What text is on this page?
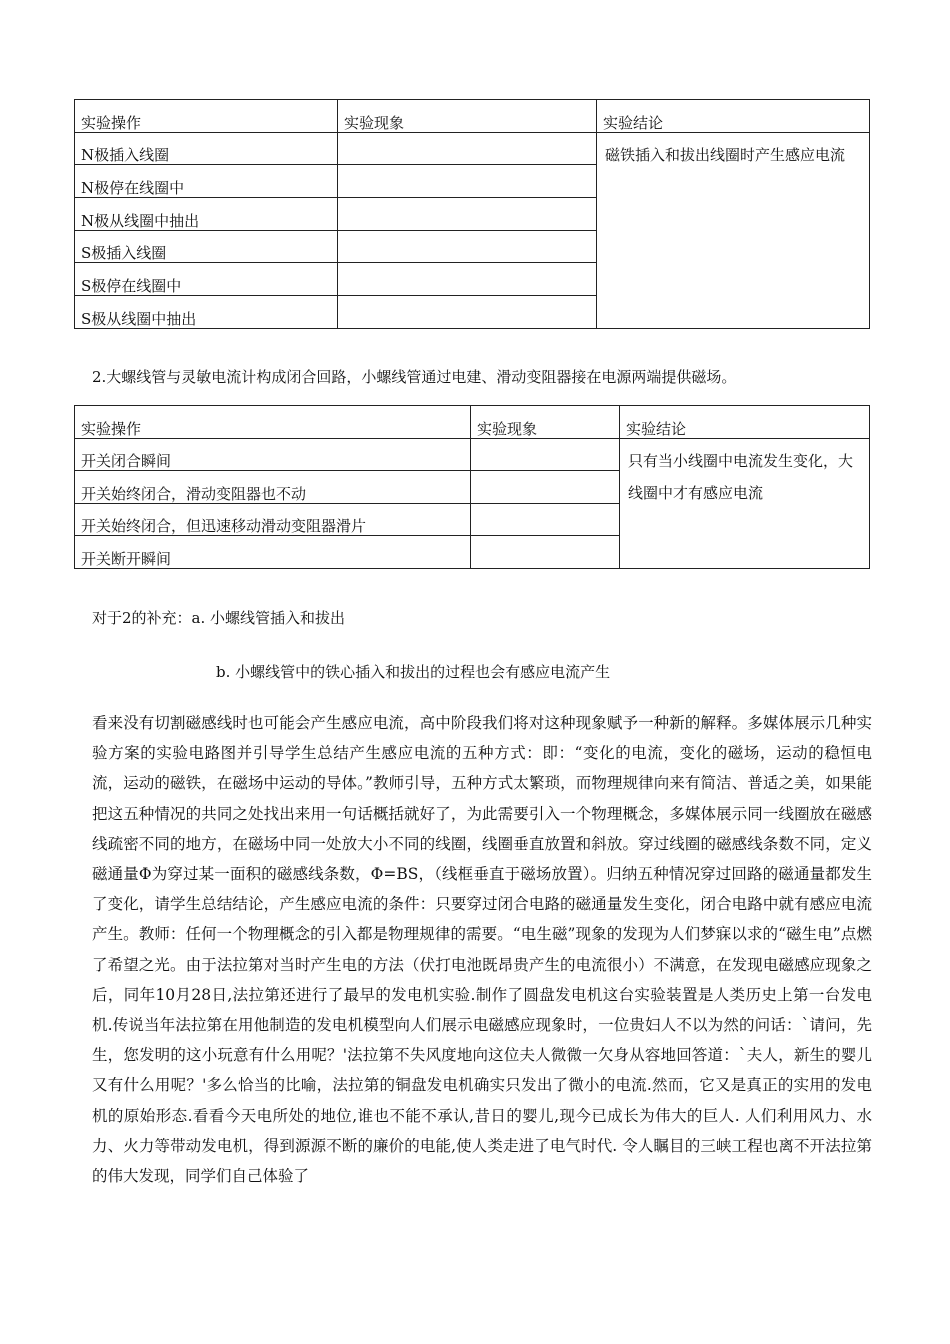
实验操作	实验现象	实验结论
N极插入线圈		磁铁插入和拔出线圈时产生感应电流
N极停在线圈中		
N极从线圈中抽出		
S极插入线圈		
S极停在线圈中		
S极从线圈中抽出		
2.大螺线管与灵敏电流计构成闭合回路，小螺线管通过电建、滑动变阻器接在电源两端提供磁场。
实验操作	实验现象	实验结论
开关闭合瞬间		只有当小线圈中电流发生变化，大线圈中才有感应电流
开关始终闭合，滑动变阻器也不动		
开关始终闭合，但迅速移动滑动变阻器滑片		
开关断开瞬间		
对于2的补充：a. 小螺线管插入和拔出
b. 小螺线管中的铁心插入和拔出的过程也会有感应电流产生

看来没有切割磁感线时也可能会产生感应电流，高中阶段我们将对这种现象赋予一种新的解释。多媒体展示几种实验方案的实验电路图并引导学生总结产生感应电流的五种方式：即：“变化的电流，变化的磁场，运动的稳恒电流，运动的磁铁，在磁场中运动的导体。”教师引导，五种方式太繁琐，而物理规律向来有简洁、普适之美，如果能把这五种情况的共同之处找出来用一句话概括就好了，为此需要引入一个物理概念，多媒体展示同一线圈放在磁感线疏密不同的地方，在磁场中同一处放大小不同的线圈，线圈垂直放置和斜放。穿过线圈的磁感线条数不同，定义磁通量Φ为穿过某一面积的磁感线条数，Φ=BS，（线框垂直于磁场放置）。归纳五种情况穿过回路的磁通量都发生了变化，请学生总结结论，产生感应电流的条件：只要穿过闭合电路的磁通量发生变化，闭合电路中就有感应电流产生。教师：任何一个物理概念的引入都是物理规律的需要。“电生磁”现象的发现为人们梦寐以求的“磁生电”点燃了希望之光。由于法拉第对当时产生电的方法（伏打电池既昂贵产生的电流很小）不满意，在发现电磁感应现象之后，同年10月28日,法拉第还进行了最早的发电机实验.制作了圆盘发电机这台实验装置是人类历史上第一台发电机.传说当年法拉第在用他制造的发电机模型向人们展示电磁感应现象时，一位贵妇人不以为然的问话：`请问，先生，您发明的这小玩意有什么用呢？'法拉第不失风度地向这位夫人微微一欠身从容地回答道：`夫人，新生的婴儿又有什么用呢？'多么恰当的比喻，法拉第的铜盘发电机确实只发出了微小的电流.然而，它又是真正的实用的发电机的原始形态.看看今天电所处的地位,谁也不能不承认,昔日的婴儿,现今已成长为伟大的巨人. 人们利用风力、水力、火力等带动发电机，得到源源不断的廉价的电能,使人类走进了电气时代. 令人瞩目的三峡工程也离不开法拉第的伟大发现，同学们自己体验了
